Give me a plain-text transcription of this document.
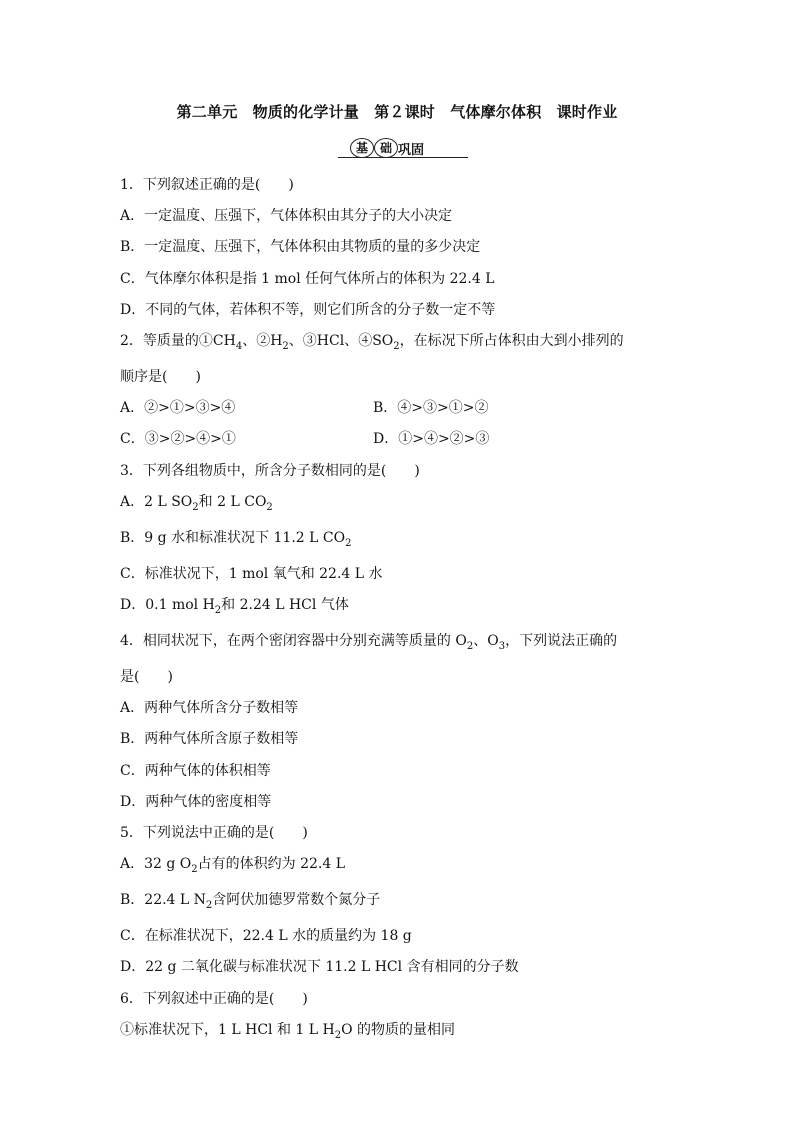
第二单元　物质的化学计量　第２课时　气体摩尔体积　课时作业
基 础 巩固
1．下列叙述正确的是(　　)
A．一定温度、压强下，气体体积由其分子的大小决定
B．一定温度、压强下，气体体积由其物质的量的多少决定
C．气体摩尔体积是指 1 mol 任何气体所占的体积为 22.4 L
D．不同的气体，若体积不等，则它们所含的分子数一定不等
2．等质量的$①CH_4$、$②H_2$、③HCl、$④SO_2$，在标况下所占体积由大到小排列的
顺序是(　　)
A．②>①>③>④	B．④>③>①>②
C．③>②>④>①	D．①>④>②>③
3．下列各组物质中，所含分子数相同的是(　　)
A．2 L $SO_2$和 2 L $CO_2$
B．9 g 水和标准状况下 11.2 L $CO_2$
C．标准状况下，1 mol 氧气和 22.4 L 水
D．0.1 mol $H_2$和 2.24 L HCl 气体
4．相同状况下，在两个密闭容器中分别充满等质量的 $O_2$、$O_3$，下列说法正确的
是(　　)
A．两种气体所含分子数相等
B．两种气体所含原子数相等
C．两种气体的体积相等
D．两种气体的密度相等
5．下列说法中正确的是(　　)
A．32 g $O_2$占有的体积约为 22.4 L
B．22.4 L $N_2$含阿伏加德罗常数个氮分子
C．在标准状况下，22.4 L 水的质量约为 18 g
D．22 g 二氧化碳与标准状况下 11.2 L HCl 含有相同的分子数
6．下列叙述中正确的是(　　)
①标准状况下，1 L HCl 和 1 L $H_2O$ 的物质的量相同
